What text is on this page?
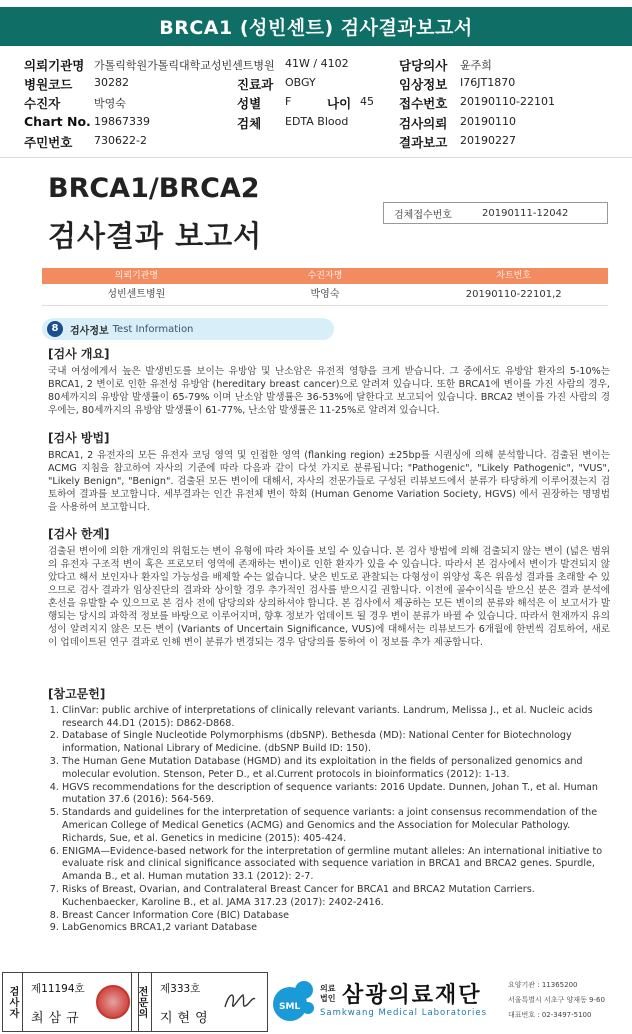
BRCA1 (성빈센트) 검사결과보고서
의뢰기관명 가톨릭학원가톨릭대학교성빈센트병원 41W / 4102	담당의사 윤주희
병원코드 30282	진료과 OBGY	임상정보 I76JT1870
수진자	박영숙	성별 F	나이 45 접수번호 20190110-22101
Chart No. 19867339	검체 EDTA Blood	검사의뢰 20190110
주민번호 730622-2	결과보고 20190227
BRCA1/BRCA2
검사결과 보고서
검체접수번호	20190111-12042
의뢰기관명	수진자명	차트번호
성빈센트병원	박영숙	20190110-22101,2
8	검사정보 Test Information
[검사 개요]
국내 여성에게서 높은 발생빈도를 보이는 유방암 및 난소암은 유전적 영향을 크게 받습니다. 그 중에서도 유방암 환자의 5-10%는 BRCA1, 2 변이로 인한 유전성 유방암 (hereditary breast cancer)으로 알려져 있습니다. 또한 BRCA1에 변이를 가진 사람의 경우, 80세까지의 유방암 발생률이 65-79% 이며 난소암 발생률은 36-53%에 달한다고 보고되어 있습니다. BRCA2 변이를 가진 사람의 경우에는, 80세까지의 유방암 발생률이 61-77%, 난소암 발생률은 11-25%로 알려져 있습니다.
[검사 방법]
BRCA1, 2 유전자의 모든 유전자 코딩 영역 및 인접한 영역 (flanking region) ±25bp를 시퀀싱에 의해 분석합니다. 검출된 변이는 ACMG 지침을 참고하여 자사의 기준에 따라 다음과 같이 다섯 가지로 분류됩니다; "Pathogenic", "Likely Pathogenic", "VUS", "Likely Benign", "Benign". 검출된 모든 변이에 대해서, 자사의 전문가들로 구성된 리뷰보드에서 분류가 타당하게 이루어졌는지 검토하여 결과를 보고합니다. 세부결과는 인간 유전체 변이 학회 (Human Genome Variation Society, HGVS) 에서 권장하는 명명법을 사용하여 보고합니다.
[검사 한계]
검출된 변이에 의한 개개인의 위험도는 변이 유형에 따라 차이를 보일 수 있습니다. 본 검사 방법에 의해 검출되지 않는 변이 (넓은 범위의 유전자 구조적 변이 혹은 프로모터 영역에 존재하는 변이)로 인한 환자가 있을 수 있습니다. 따라서 본 검사에서 변이가 발견되지 않았다고 해서 보인자나 환자일 가능성을 배제할 수는 없습니다. 낮은 빈도로 관찰되는 다형성이 위양성 혹은 위음성 결과를 초래할 수 있으므로 검사 결과가 임상진단의 결과와 상이할 경우 추가적인 검사를 받으시길 권합니다. 이전에 골수이식을 받으신 분은 결과 분석에 혼선을 유발할 수 있으므로 본 검사 전에 담당의와 상의하셔야 합니다. 본 검사에서 제공하는 모든 변이의 분류와 해석은 이 보고서가 발행되는 당시의 과학적 정보를 바탕으로 이루어지며, 향후 정보가 업데이트 될 경우 변이 분류가 바뀔 수 있습니다. 따라서 현재까지 유의성이 알려지지 않은 모든 변이 (Variants of Uncertain Significance, VUS)에 대해서는 리뷰보드가 6개월에 한번씩 검토하여, 새로이 업데이트된 연구 결과로 인해 변이 분류가 변경되는 경우 담당의를 통하여 이 정보를 추가 제공합니다.
[참고문헌]
1. ClinVar: public archive of interpretations of clinically relevant variants. Landrum, Melissa J., et al. Nucleic acids research 44.D1 (2015): D862-D868.
2. Database of Single Nucleotide Polymorphisms (dbSNP). Bethesda (MD): National Center for Biotechnology information, National Library of Medicine. (dbSNP Build ID: 150).
3. The Human Gene Mutation Database (HGMD) and its exploitation in the fields of personalized genomics and molecular evolution. Stenson, Peter D., et al.Current protocols in bioinformatics (2012): 1-13.
4. HGVS recommendations for the description of sequence variants: 2016 Update. Dunnen, Johan T., et al. Human mutation 37.6 (2016): 564-569.
5. Standards and guidelines for the interpretation of sequence variants: a joint consensus recommendation of the American College of Medical Genetics (ACMG) and Genomics and the Association for Molecular Pathology. Richards, Sue, et al. Genetics in medicine (2015): 405-424.
6. ENIGMA—Evidence-based network for the interpretation of germline mutant alleles: An international initiative to evaluate risk and clinical significance associated with sequence variation in BRCA1 and BRCA2 genes. Spurdle, Amanda B., et al. Human mutation 33.1 (2012): 2-7.
7. Risks of Breast, Ovarian, and Contralateral Breast Cancer for BRCA1 and BRCA2 Mutation Carriers. Kuchenbaecker, Karoline B., et al. JAMA 317.23 (2017): 2402-2416.
8. Breast Cancer Information Core (BIC) Database
9. LabGenomics BRCA1,2 variant Database
검사자	제11194호
최삼규	전문의	제333호
지현영
SML
의료법인 삼광의료재단
Samkwang Medical Laboratories
요양기관 : 11365200
서울특별시 서초구 양재동 9-60
대표번호 : 02-3497-5100
